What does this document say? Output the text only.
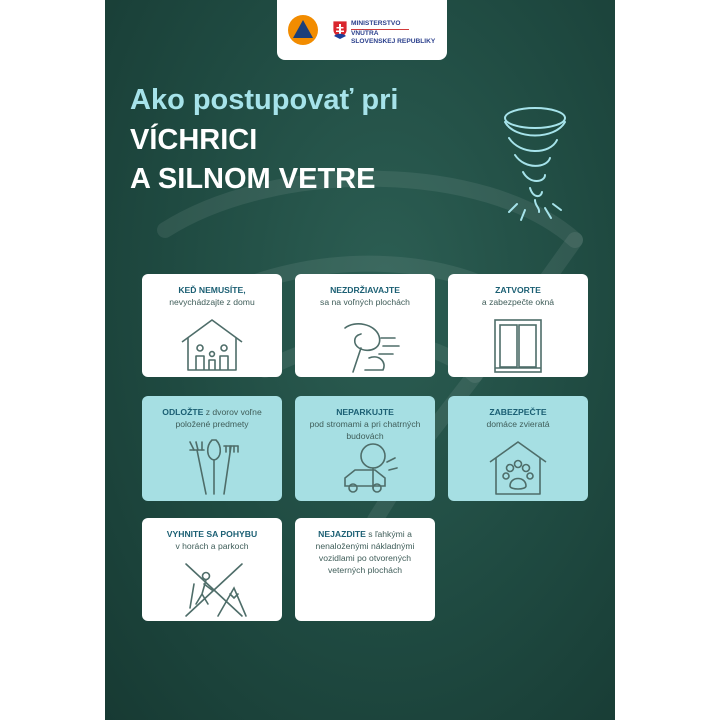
MINISTERSTVO
VNÚTRA
SLOVENSKEJ REPUBLIKY
Ako postupovať pri
VÍCHRICI
A SILNOM VETRE
KEĎ NEMUSÍTE,
nevychádzajte z domu
NEZDRŽIAVAJTE
sa na voľných plochách
ZATVORTE
a zabezpečte okná
ODLOŽTE z dvorov voľne položené predmety
NEPARKUJTE
pod stromami a pri chatrných budovách
ZABEZPEČTE
domáce zvieratá
VYHNITE SA POHYBU
v horách a parkoch
NEJAZDITE s ľahkými a nenaloženými nákladnými vozidlami po otvorených veterných plochách
